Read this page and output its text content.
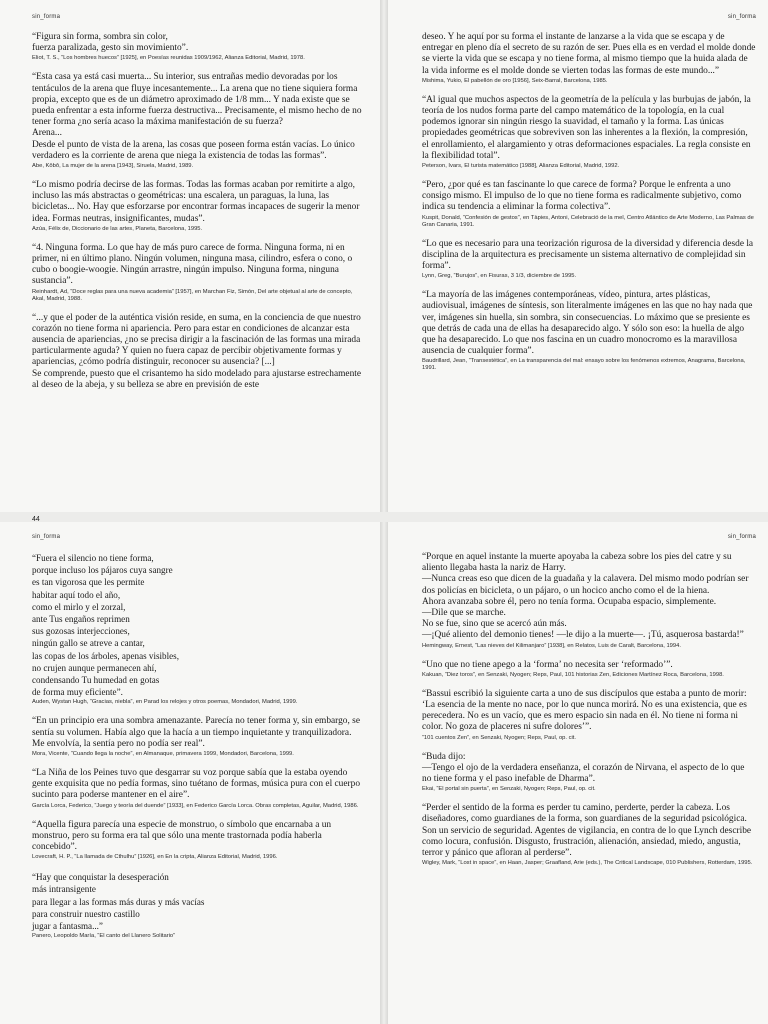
sin_forma
“Figura sin forma, sombra sin color,
fuerza paralizada, gesto sin movimiento”.
Eliot, T. S., “Los hombres huecos” [1925], en Poesías reunidas 1909/1962, Alianza Editorial, Madrid, 1978.
“Esta casa ya está casi muerta... Su interior, sus entrañas medio devoradas por los tentáculos de la arena que fluye incesantemente... La arena que no tiene siquiera forma propia, excepto que es de un diámetro aproximado de 1/8 mm... Y nada existe que se pueda enfrentar a esta informe fuerza destructiva... Precisamente, el mismo hecho de no tener forma ¿no sería acaso la máxima manifestación de su fuerza?
Arena...
Desde el punto de vista de la arena, las cosas que poseen forma están vacías. Lo único verdadero es la corriente de arena que niega la existencia de todas las formas”.
Abe, Kôbô, La mujer de la arena [1943], Siruela, Madrid, 1989.
“Lo mismo podría decirse de las formas. Todas las formas acaban por remitirte a algo, incluso las más abstractas o geométricas: una escalera, un paraguas, la luna, las bicicletas... No. Hay que esforzarse por encontrar formas incapaces de sugerir la menor idea. Formas neutras, insignificantes, mudas”.
Azúa, Félix de, Diccionario de las artes, Planeta, Barcelona, 1995.
“4. Ninguna forma. Lo que hay de más puro carece de forma. Ninguna forma, ni en primer, ni en último plano. Ningún volumen, ninguna masa, cilindro, esfera o cono, o cubo o boogie-woogie. Ningún arrastre, ningún impulso. Ninguna forma, ninguna sustancia”.
Reinhardt, Ad, “Doce reglas para una nueva academia” [1957], en Marchan Fiz, Simón, Del arte objetual al arte de concepto, Akal, Madrid, 1988.
“...y que el poder de la auténtica visión reside, en suma, en la conciencia de que nuestro corazón no tiene forma ni apariencia. Pero para estar en condiciones de alcanzar esta ausencia de apariencias, ¿no se precisa dirigir a la fascinación de las formas una mirada particularmente aguda? Y quien no fuera capaz de percibir objetivamente formas y apariencias, ¿cómo podría distinguir, reconocer su ausencia? [...]
Se comprende, puesto que el crisantemo ha sido modelado para ajustarse estrechamente al deseo de la abeja, y su belleza se abre en previsión de este
sin_forma
deseo. Y he aquí por su forma el instante de lanzarse a la vida que se escapa y de entregar en pleno día el secreto de su razón de ser. Pues ella es en verdad el molde donde se vierte la vida que se escapa y no tiene forma, al mismo tiempo que la huida alada de la vida informe es el molde donde se vierten todas las formas de este mundo...”
Mishima, Yukio, El pabellón de oro [1956], Seix-Barral, Barcelona, 1985.
“Al igual que muchos aspectos de la geometría de la película y las burbujas de jabón, la teoría de los nudos forma parte del campo matemático de la topología, en la cual podemos ignorar sin ningún riesgo la suavidad, el tamaño y la forma. Las únicas propiedades geométricas que sobreviven son las inherentes a la flexión, la compresión, el enrollamiento, el alargamiento y otras deformaciones espaciales. La regla consiste en la flexibilidad total”.
Peterson, Ivars, El turista matemático [1988], Alianza Editorial, Madrid, 1992.
“Pero, ¿por qué es tan fascinante lo que carece de forma? Porque le enfrenta a uno consigo mismo. El impulso de lo que no tiene forma es radicalmente subjetivo, como indica su tendencia a eliminar la forma colectiva”.
Kuspit, Donald, “Confesión de gestos”, en Tàpies, Antoni, Celebració de la mel, Centro Atlántico de Arte Moderno, Las Palmas de Gran Canaria, 1991.
“Lo que es necesario para una teorización rigurosa de la diversidad y diferencia desde la disciplina de la arquitectura es precisamente un sistema alternativo de complejidad sin forma”.
Lynn, Greg, “Burujos”, en Fisuras, 3 1/3, diciembre de 1995.
“La mayoría de las imágenes contemporáneas, vídeo, pintura, artes plásticas, audiovisual, imágenes de síntesis, son literalmente imágenes en las que no hay nada que ver, imágenes sin huella, sin sombra, sin consecuencias. Lo máximo que se presiente es que detrás de cada una de ellas ha desaparecido algo. Y sólo son eso: la huella de algo que ha desaparecido. Lo que nos fascina en un cuadro monocromo es la maravillosa ausencia de cualquier forma”.
Baudrillard, Jean, “Transestética”, en La transparencia del mal: ensayo sobre los fenómenos extremos, Anagrama, Barcelona, 1991.
sin_forma
“Fuera el silencio no tiene forma,
porque incluso los pájaros cuya sangre
es tan vigorosa que les permite
habitar aquí todo el año,
como el mirlo y el zorzal,
ante Tus engaños reprimen
sus gozosas interjecciones,
ningún gallo se atreve a cantar,
las copas de los árboles, apenas visibles,
no crujen aunque permanecen ahí,
condensando Tu humedad en gotas
de forma muy eficiente”.
Auden, Wystan Hugh, “Gracias, niebla”, en Parad los relojes y otros poemas, Mondadori, Madrid, 1999.
“En un principio era una sombra amenazante. Parecía no tener forma y, sin embargo, se sentía su volumen. Había algo que la hacía a un tiempo inquietante y tranquilizadora. Me envolvía, la sentía pero no podía ser real”.
Mora, Vicente, “Cuando llega la noche”, en Almanaque, primavera 1999, Mondadori, Barcelona, 1999.
“La Niña de los Peines tuvo que desgarrar su voz porque sabía que la estaba oyendo gente exquisita que no pedía formas, sino tuétano de formas, música pura con el cuerpo sucinto para poderse mantener en el aire”.
García Lorca, Federico, “Juego y teoría del duende” [1933], en Federico García Lorca. Obras completas, Aguilar, Madrid, 1986.
“Aquella figura parecía una especie de monstruo, o símbolo que encarnaba a un monstruo, pero su forma era tal que sólo una mente trastornada podía haberla concebido”.
Lovecraft, H. P., “La llamada de Cthulhu” [1926], en En la cripta, Alianza Editorial, Madrid, 1996.
“Hay que conquistar la desesperación
más intransigente
para llegar a las formas más duras y más vacías
para construir nuestro castillo
jugar a fantasma...”
Panero, Leopoldo María, “El canto del Llanero Solitario”
sin_forma
“Porque en aquel instante la muerte apoyaba la cabeza sobre los pies del catre y su aliento llegaba hasta la nariz de Harry.
—Nunca creas eso que dicen de la guadaña y la calavera. Del mismo modo podrían ser dos policías en bicicleta, o un pájaro, o un hocico ancho como el de la hiena.
Ahora avanzaba sobre él, pero no tenía forma. Ocupaba espacio, simplemente.
—Dile que se marche.
No se fue, sino que se acercó aún más.
—¡Qué aliento del demonio tienes! —le dijo a la muerte—. ¡Tú, asquerosa bastarda!”
Hemingway, Ernest, “Las nieves del Kilimanjaro” [1938], en Relatos, Luis de Caralt, Barcelona, 1994.
“Uno que no tiene apego a la ‘forma’ no necesita ser ‘reformado’”.
Kakuan, “Diez toros”, en Senzaki, Nyogen; Reps, Paul, 101 historias Zen, Ediciones Martínez Roca, Barcelona, 1998.
“Bassui escribió la siguiente carta a uno de sus discípulos que estaba a punto de morir:
‘La esencia de la mente no nace, por lo que nunca morirá. No es una existencia, que es perecedera. No es un vacío, que es mero espacio sin nada en él. No tiene ni forma ni color. No goza de placeres ni sufre dolores’”.
“101 cuentos Zen”, en Senzaki, Nyogen; Reps, Paul, op. cit.
“Buda dijo:
—Tengo el ojo de la verdadera enseñanza, el corazón de Nirvana, el aspecto de lo que no tiene forma y el paso inefable de Dharma”.
Ekai, “El portal sin puerta”, en Senzaki, Nyogen; Reps, Paul, op. cit.
“Perder el sentido de la forma es perder tu camino, perderte, perder la cabeza. Los diseñadores, como guardianes de la forma, son guardianes de la seguridad psicológica. Son un servicio de seguridad. Agentes de vigilancia, en contra de lo que Lynch describe como locura, confusión. Disgusto, frustración, alienación, ansiedad, miedo, angustia, terror y pánico que afloran al perderse”.
Wigley, Mark, “Lost in space”, en Haan, Jasper; Graafland, Arie (eds.), The Critical Landscape, 010 Publishers, Rotterdam, 1995.
44
